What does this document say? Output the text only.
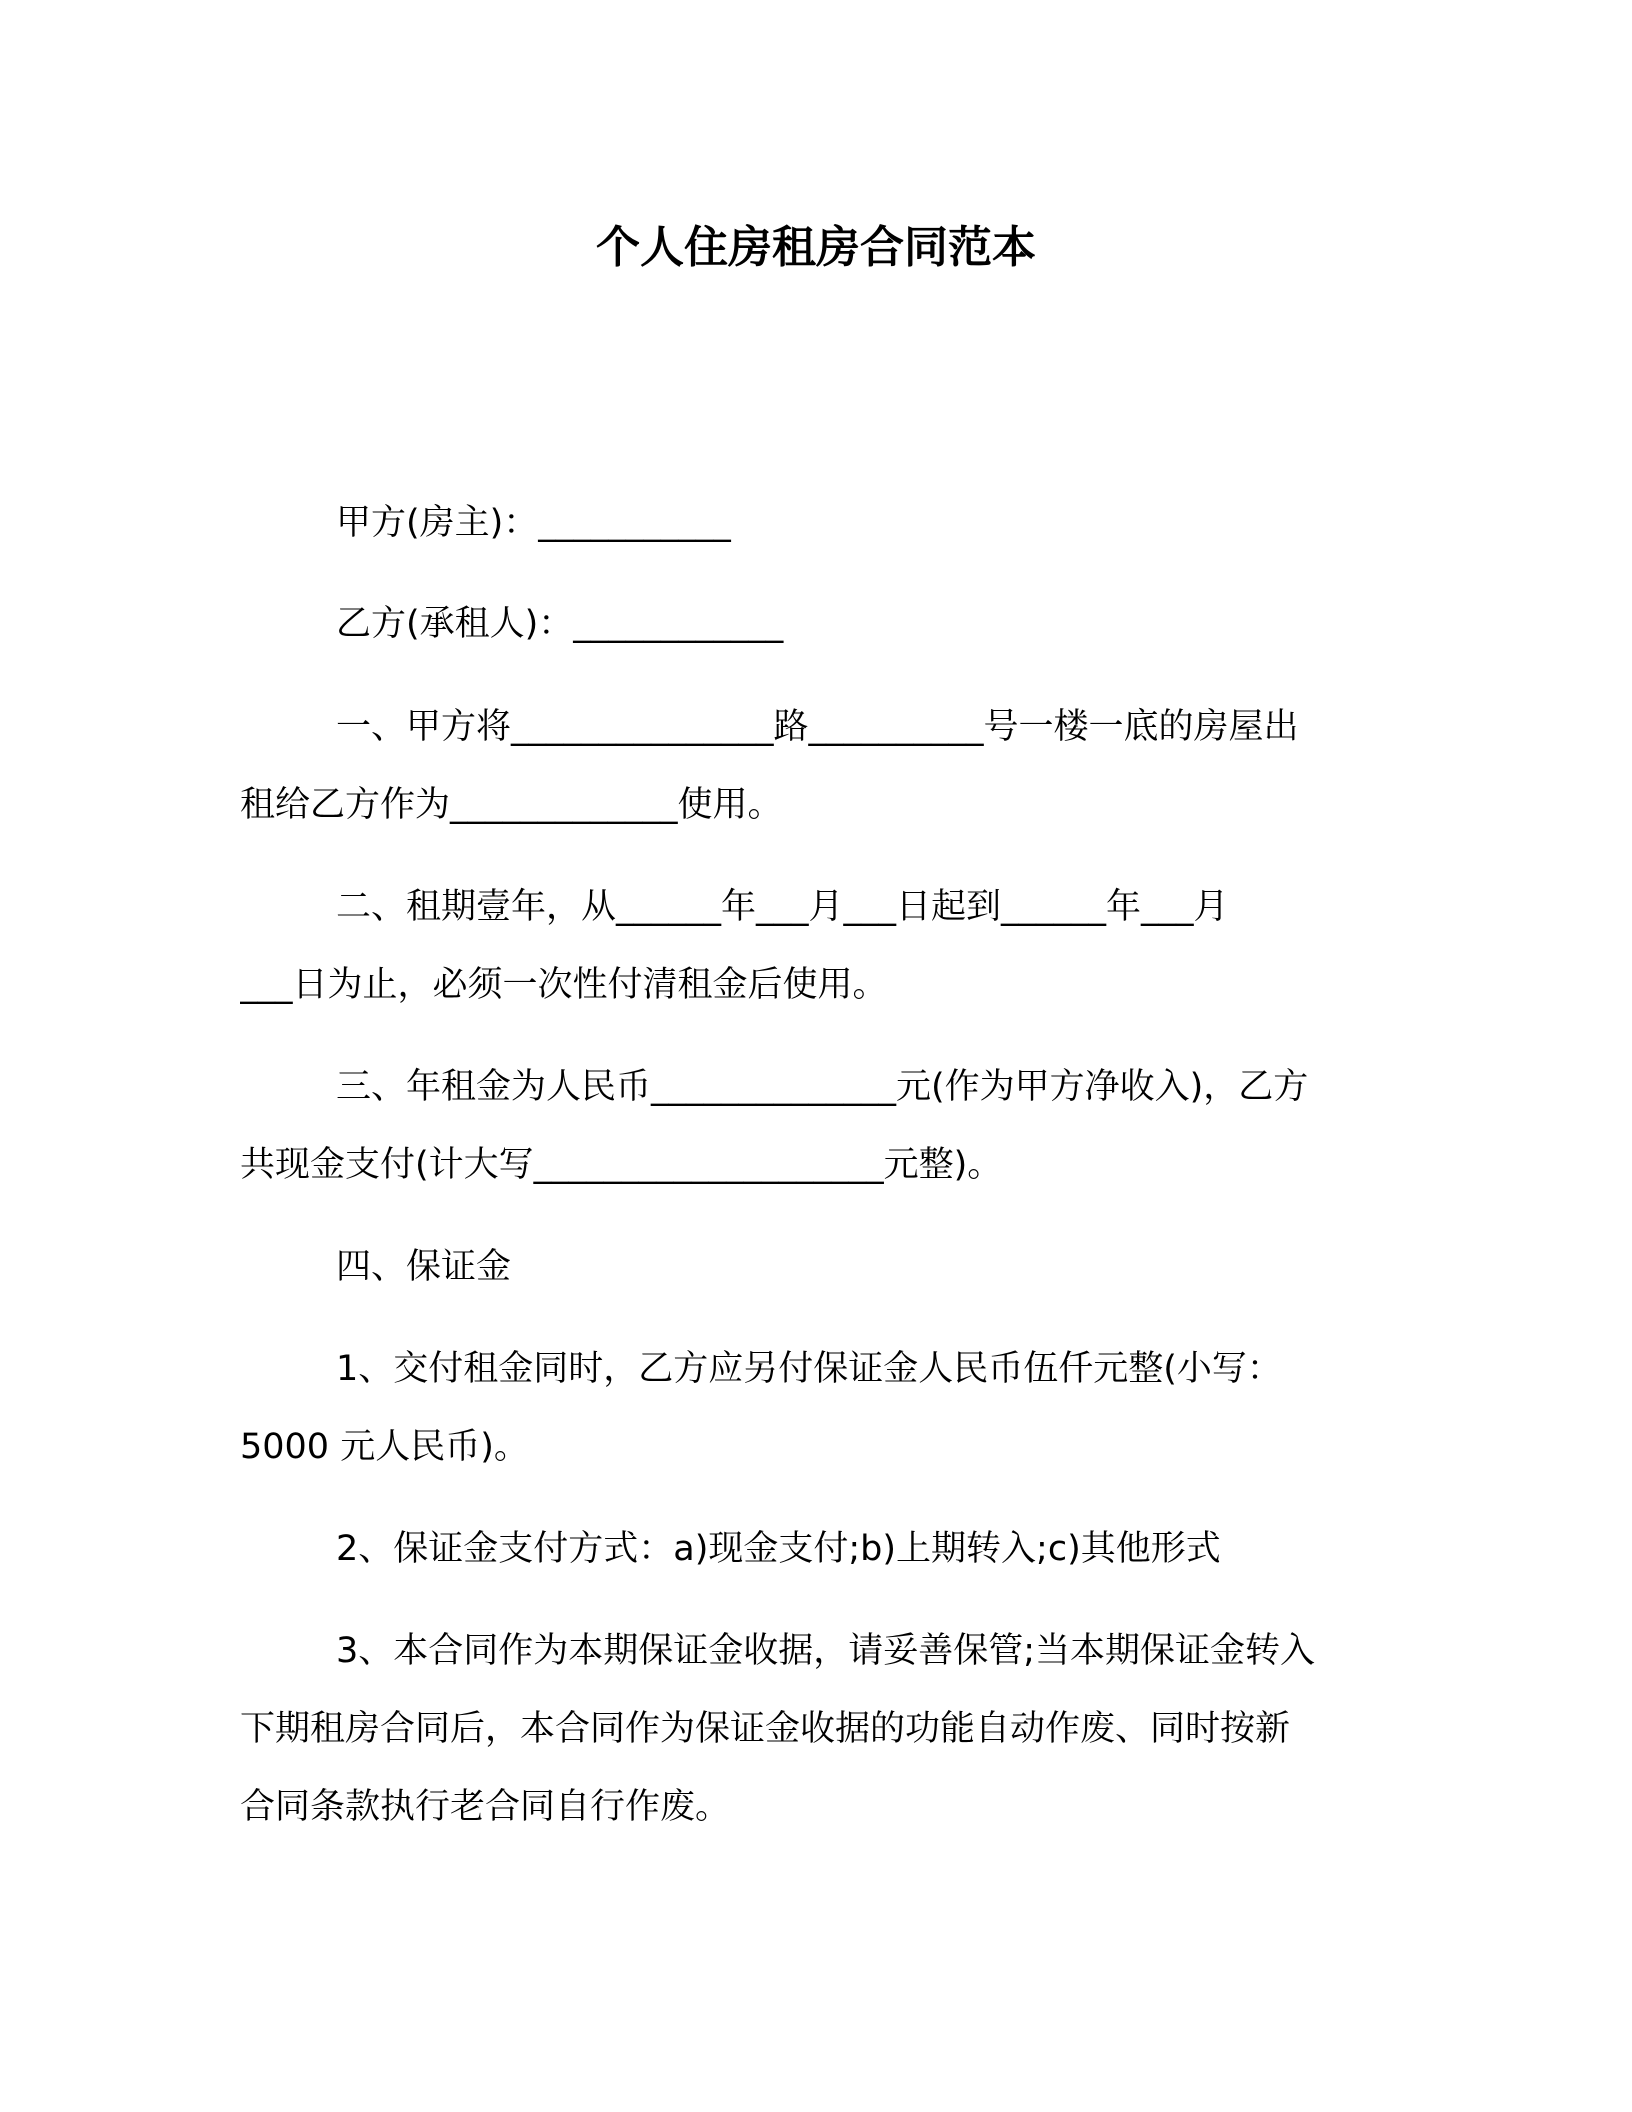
个人住房租房合同范本
甲方(房主)：___________
乙方(承租人)：____________
一、甲方将_______________路__________号一楼一底的房屋出
租给乙方作为_____________使用。
二、租期壹年，从______年___月___日起到______年___月
___日为止，必须一次性付清租金后使用。
三、年租金为人民币______________元(作为甲方净收入)，乙方
共现金支付(计大写____________________元整)。
四、保证金
1、交付租金同时，乙方应另付保证金人民币伍仟元整(小写：
5000 元人民币)。
2、保证金支付方式：a)现金支付;b)上期转入;c)其他形式
3、本合同作为本期保证金收据，请妥善保管;当本期保证金转入
下期租房合同后，本合同作为保证金收据的功能自动作废、同时按新
合同条款执行老合同自行作废。
